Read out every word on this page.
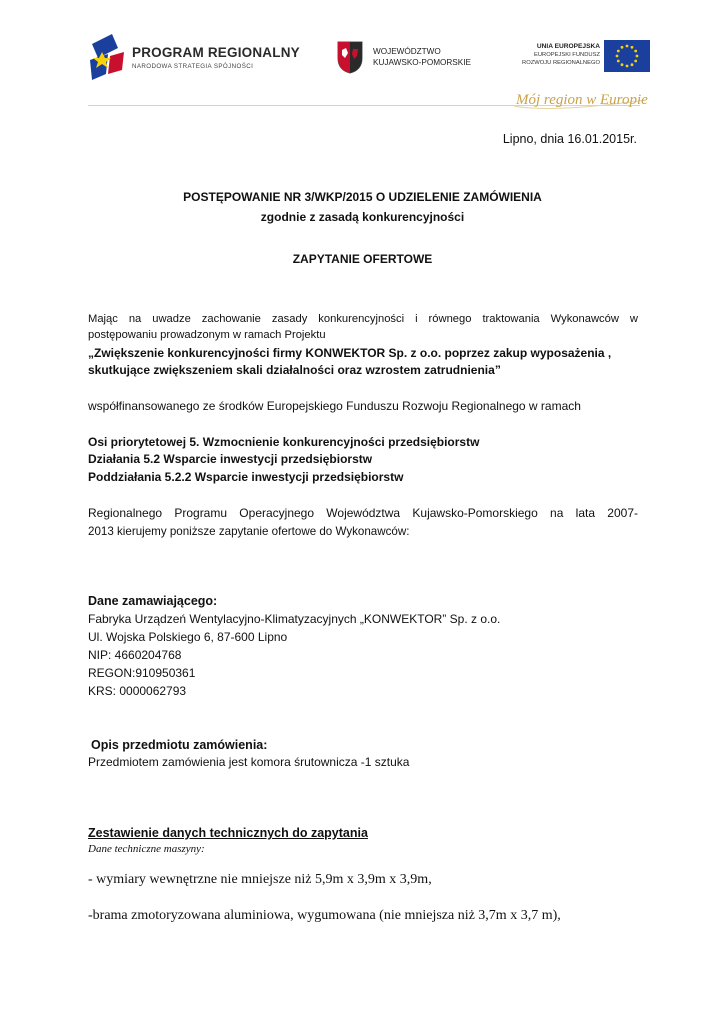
PROGRAM REGIONALNY
NARODOWA STRATEGIA SPÓJNOŚCI
WOJEWÓDZTWO
KUJAWSKO-POMORSKIE
UNIA EUROPEJSKA
EUROPEJSKI FUNDUSZ
ROZWOJU REGIONALNEGO
Mój region w Europie
Lipno, dnia 16.01.2015r.
POSTĘPOWANIE NR 3/WKP/2015 O UDZIELENIE ZAMÓWIENIA
zgodnie z zasadą konkurencyjności
ZAPYTANIE OFERTOWE
Mając na uwadze zachowanie zasady konkurencyjności i równego traktowania Wykonawców w
postępowaniu prowadzonym w ramach Projektu
„Zwiększenie konkurencyjności firmy KONWEKTOR Sp. z o.o. poprzez zakup wyposażenia ,
skutkujące zwiększeniem skali działalności oraz wzrostem zatrudnienia”
współfinansowanego ze środków Europejskiego Funduszu Rozwoju Regionalnego w ramach
Osi priorytetowej 5. Wzmocnienie konkurencyjności przedsiębiorstw
Działania 5.2 Wsparcie inwestycji przedsiębiorstw
Poddziałania 5.2.2 Wsparcie inwestycji przedsiębiorstw
Regionalnego Programu Operacyjnego Województwa Kujawsko-Pomorskiego na lata 2007-
2013 kierujemy poniższe zapytanie ofertowe do Wykonawców:
Dane zamawiającego:
Fabryka Urządzeń Wentylacyjno-Klimatyzacyjnych „KONWEKTOR” Sp. z o.o.
Ul. Wojska Polskiego 6, 87-600 Lipno
NIP: 4660204768
REGON:910950361
KRS: 0000062793
Opis przedmiotu zamówienia:
Przedmiotem zamówienia jest komora śrutownicza -1 sztuka
Zestawienie danych technicznych do zapytania
Dane techniczne maszyny:
- wymiary wewnętrzne nie mniejsze niż 5,9m x 3,9m x 3,9m,
-brama zmotoryzowana aluminiowa, wygumowana (nie mniejsza niż 3,7m x 3,7 m),
